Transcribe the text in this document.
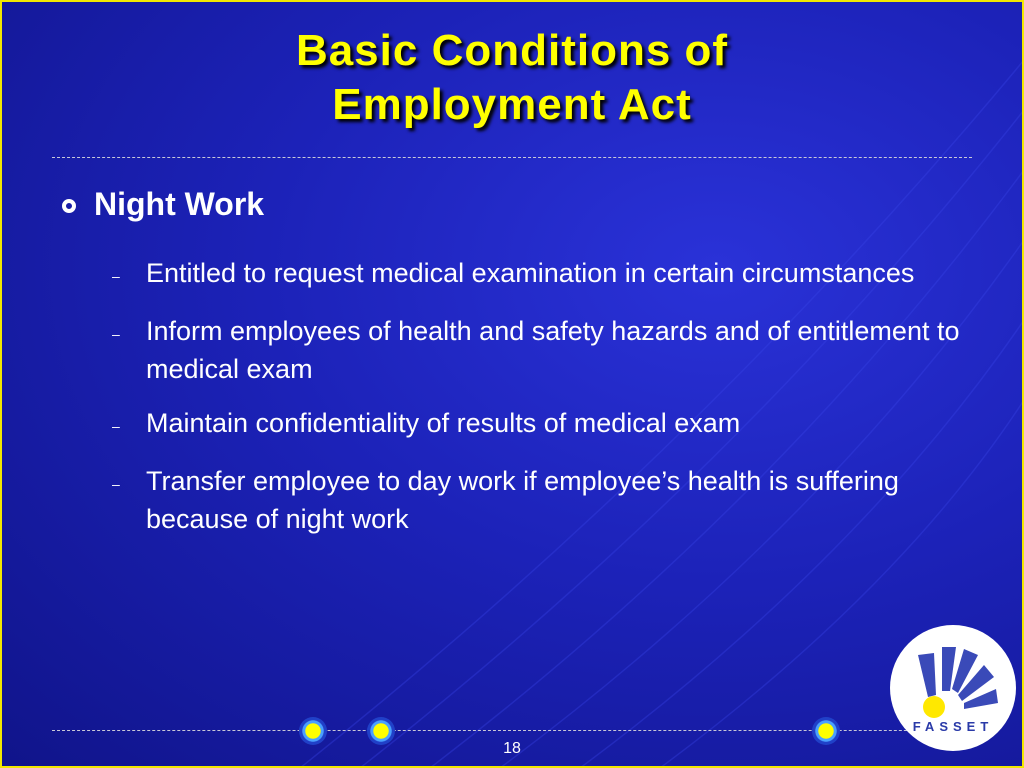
Basic Conditions of
Employment Act
Night Work
– Entitled to request medical examination in certain circumstances
– Inform employees of health and safety hazards and of entitlement to medical exam
– Maintain confidentiality of results of medical exam
– Transfer employee to day work if employee’s health is suffering because of night work
18
FASSET
